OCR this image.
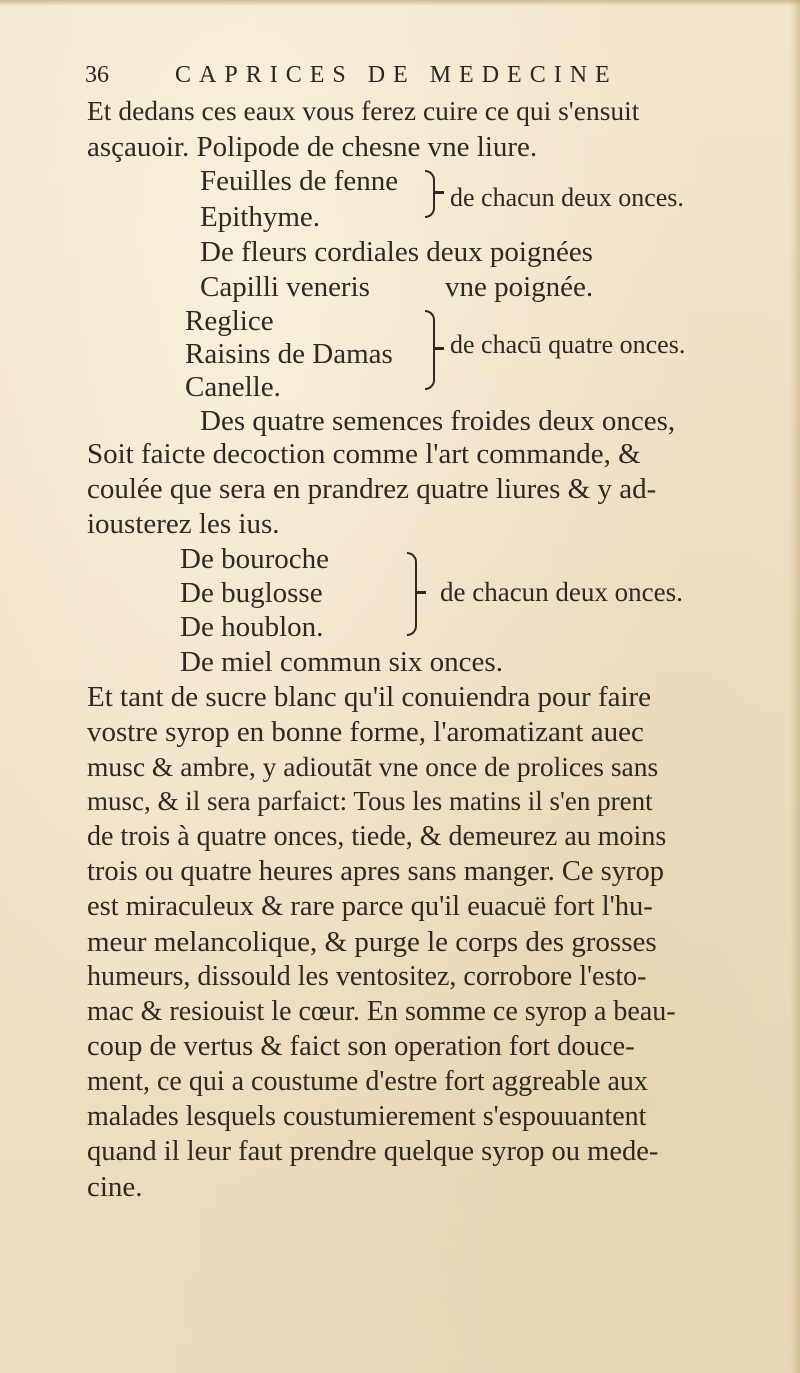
36	CAPRICES DE MEDECINE
Et dedans ces eaux vous ferez cuire ce qui s'ensuit
asçauoir. Polipode de chesne vne liure.
Feuilles de fenne
Epithyme.
de chacun deux onces.
De fleurs cordiales deux poignées
Capilli veneris	vne poignée.
Reglice
Raisins de Damas de chacū quatre onces.
Canelle.
Des quatre semences froides deux onces,
Soit faicte decoction comme l'art commande, &
coulée que sera en prandrez quatre liures & y ad-
iousterez les ius.
De bouroche
De buglosse	de chacun deux onces.
De houblon.
De miel commun six onces.
Et tant de sucre blanc qu'il conuiendra pour faire
vostre syrop en bonne forme, l'aromatizant auec
musc & ambre, y adioutāt vne once de prolices sans
musc, & il sera parfaict: Tous les matins il s'en prent
de trois à quatre onces, tiede, & demeurez au moins
trois ou quatre heures apres sans manger. Ce syrop
est miraculeux & rare parce qu'il euacuë fort l'hu-
meur melancolique, & purge le corps des grosses
humeurs, dissould les ventositez, corrobore l'esto-
mac & resiouist le cœur. En somme ce syrop a beau-
coup de vertus & faict son operation fort douce-
ment, ce qui a coustume d'estre fort aggreable aux
malades lesquels coustumierement s'espouuantent
quand il leur faut prendre quelque syrop ou mede-
cine.
